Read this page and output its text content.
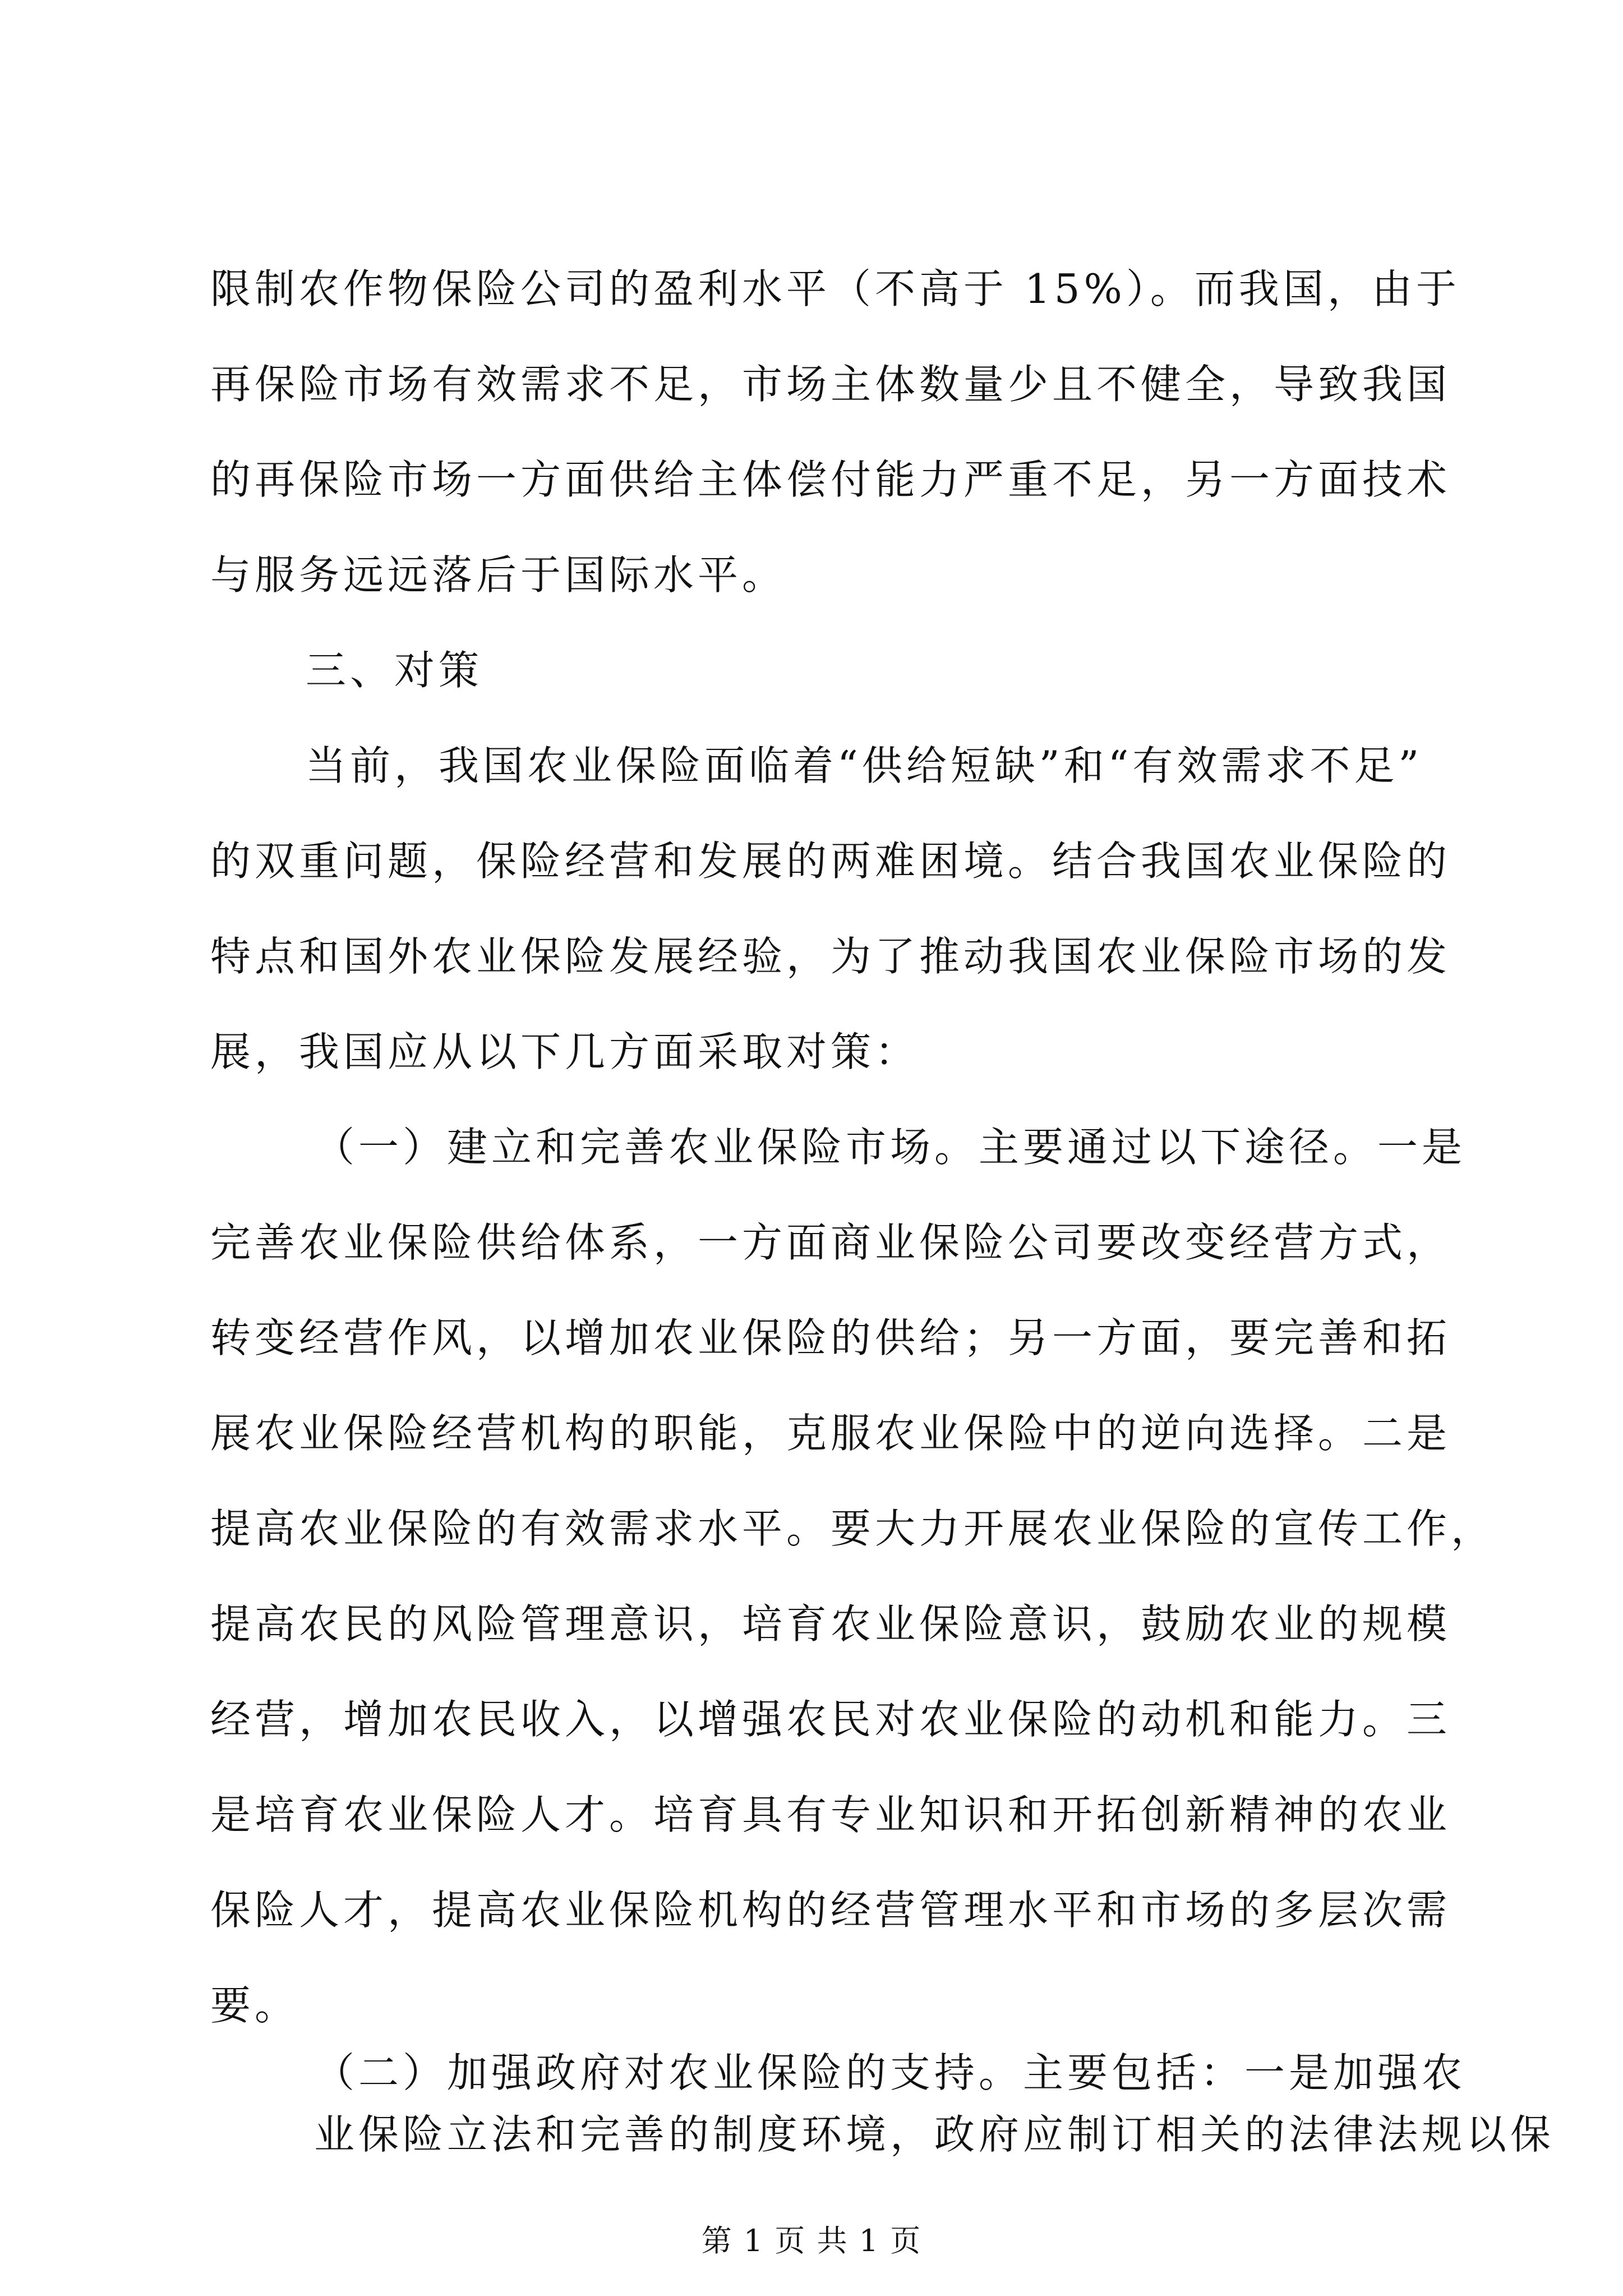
限制农作物保险公司的盈利水平（不高于 15%）。而我国，由于
再保险市场有效需求不足，市场主体数量少且不健全，导致我国
的再保险市场一方面供给主体偿付能力严重不足，另一方面技术
与服务远远落后于国际水平。
三、对策
当前，我国农业保险面临着“供给短缺”和“有效需求不足”
的双重问题，保险经营和发展的两难困境。结合我国农业保险的
特点和国外农业保险发展经验，为了推动我国农业保险市场的发
展，我国应从以下几方面采取对策：
（一）建立和完善农业保险市场。主要通过以下途径。一是
完善农业保险供给体系，一方面商业保险公司要改变经营方式，
转变经营作风，以增加农业保险的供给；另一方面，要完善和拓
展农业保险经营机构的职能，克服农业保险中的逆向选择。二是
提高农业保险的有效需求水平。要大力开展农业保险的宣传工作，
提高农民的风险管理意识，培育农业保险意识，鼓励农业的规模
经营，增加农民收入，以增强农民对农业保险的动机和能力。三
是培育农业保险人才。培育具有专业知识和开拓创新精神的农业
保险人才，提高农业保险机构的经营管理水平和市场的多层次需
要。
（二）加强政府对农业保险的支持。主要包括：一是加强农
业保险立法和完善的制度环境，政府应制订相关的法律法规以保
第 1 页 共 1 页
